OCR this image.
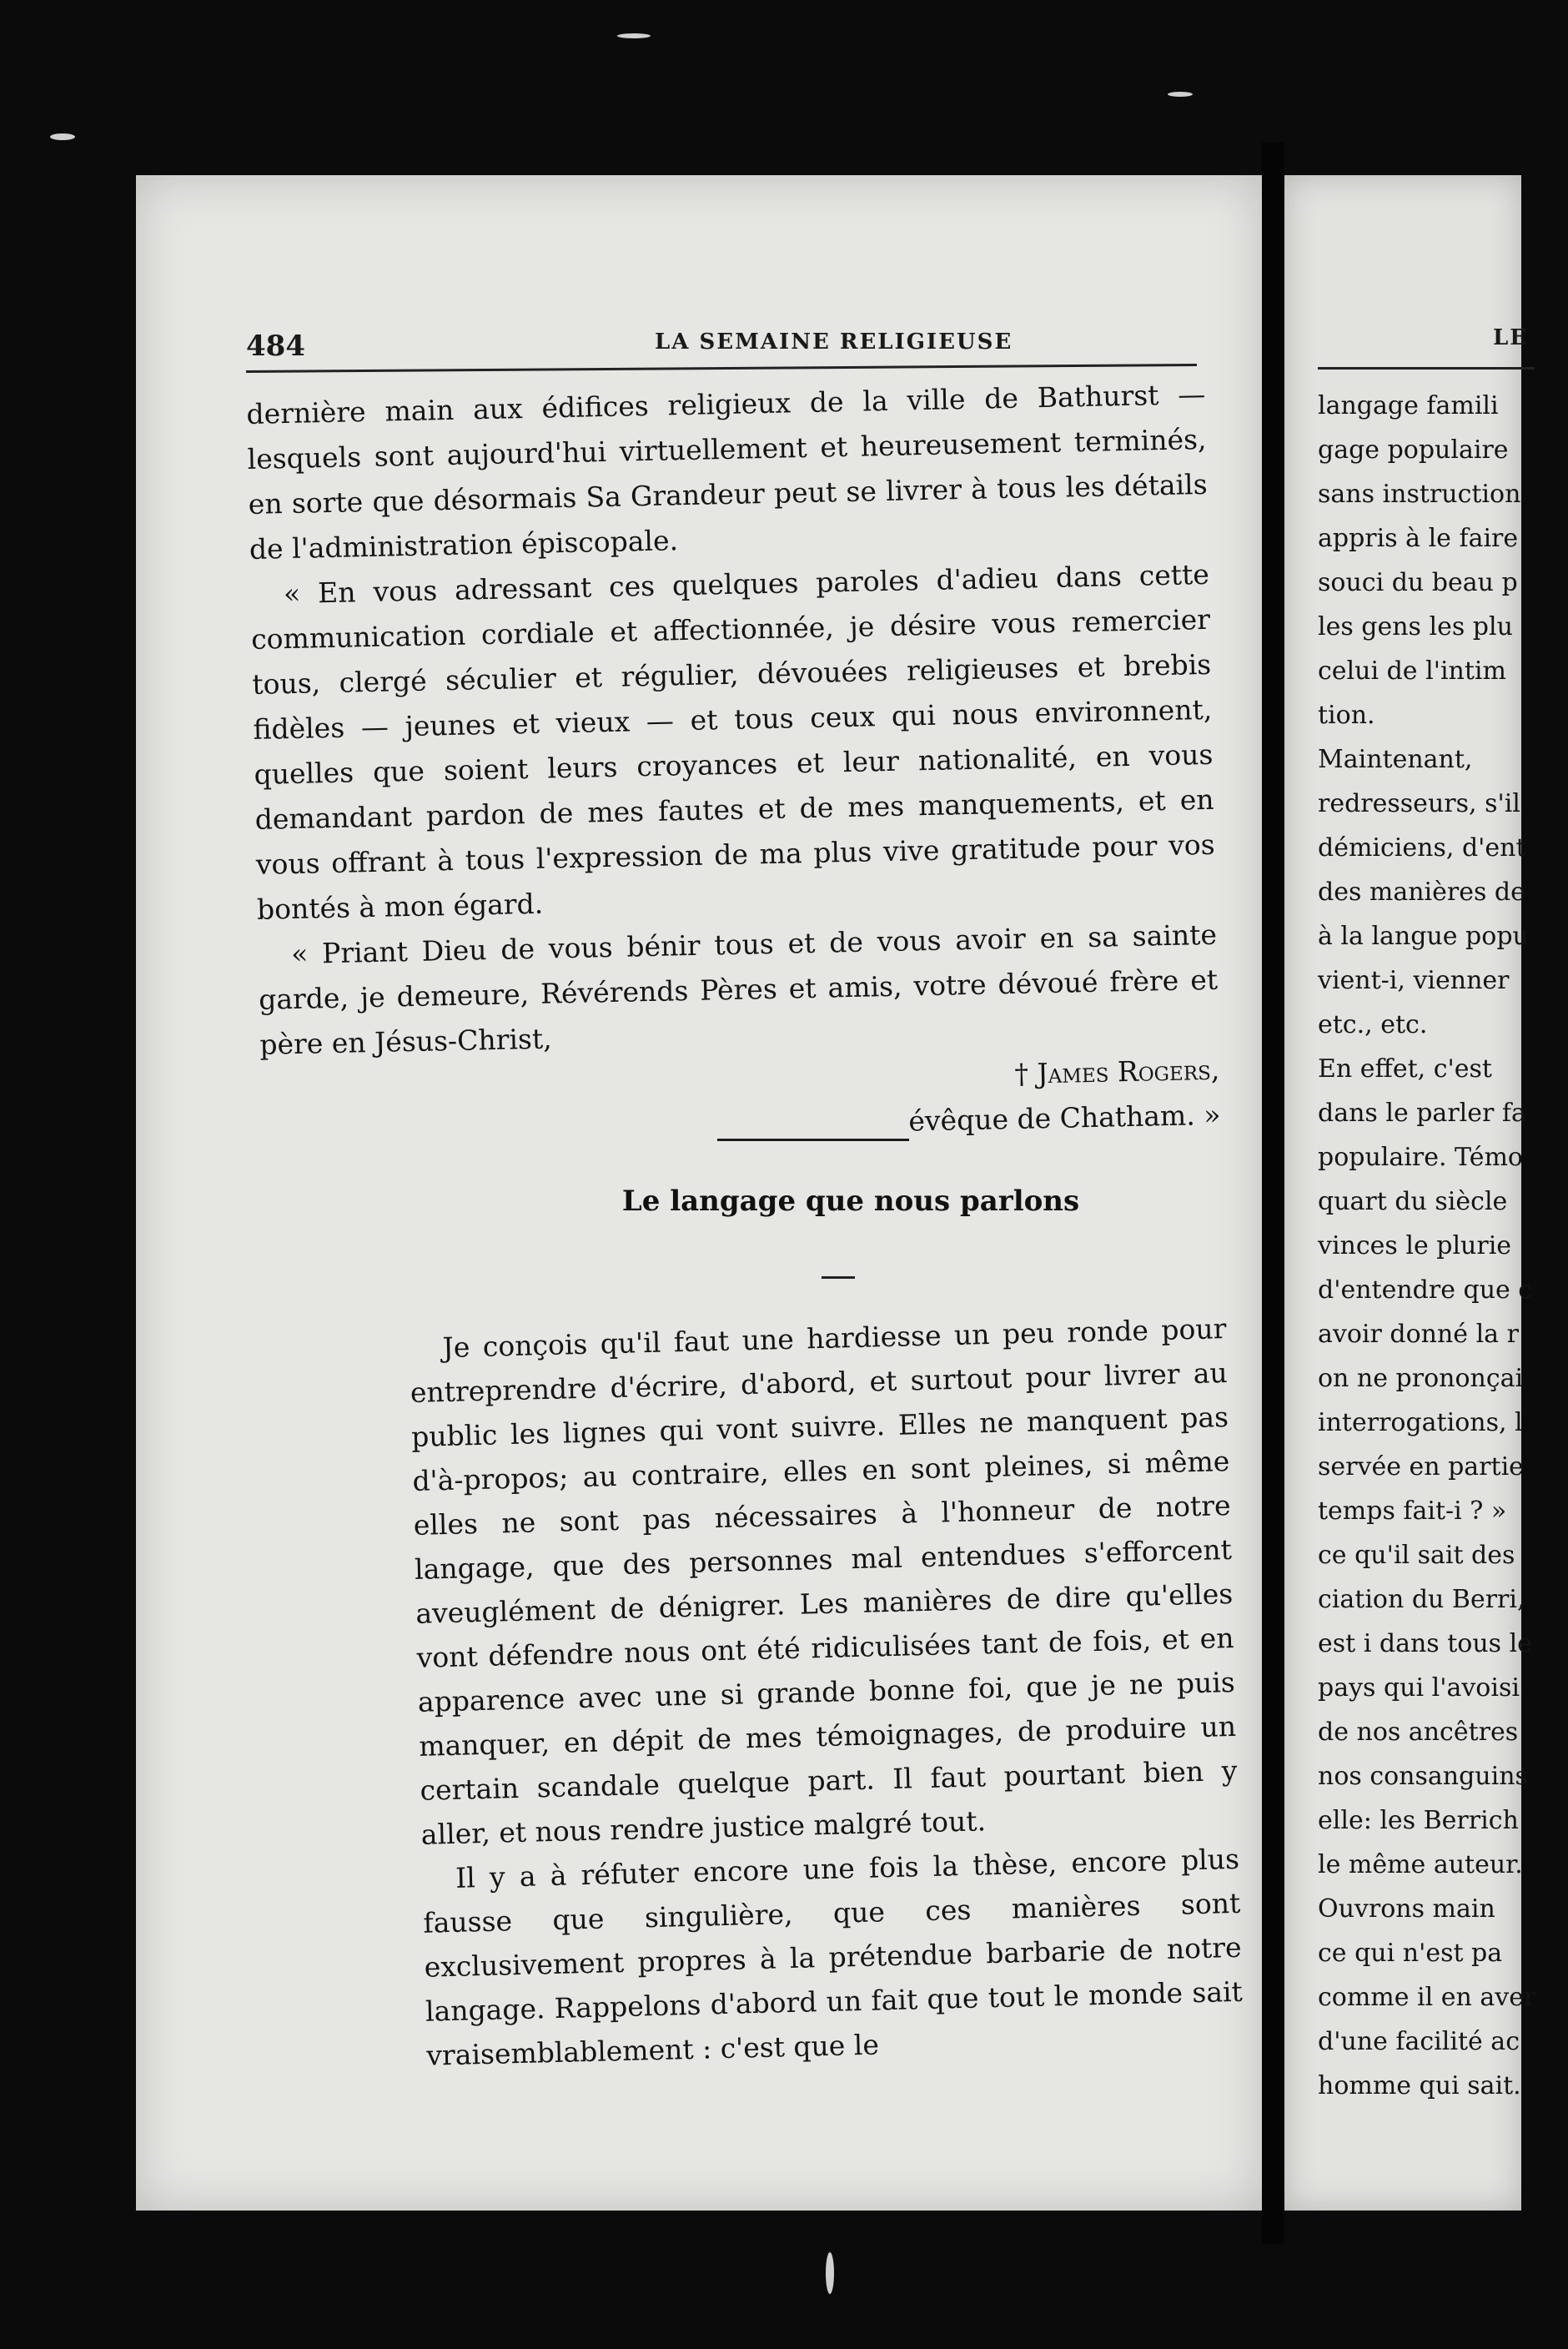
LE
langage famili
gage populaire
sans instruction
appris à le faire
souci du beau p
les gens les plu
celui de l'intim
tion.
Maintenant,
redresseurs, s'il
démiciens, d'ent
des manières de
à la langue popu
vient-i, vienner
etc., etc.
En effet, c'est
dans le parler fa
populaire. Témo
quart du siècle
vinces le plurie
d'entendre que c
avoir donné la r
on ne prononçai
interrogations, l
servée en partie
temps fait-i ? »
ce qu'il sait des
ciation du Berri,
est i dans tous le
pays qui l'avoisi
de nos ancêtres
nos consanguins
elle: les Berrich
le même auteur.
Ouvrons main
ce qui n'est pa
comme il en aver
d'une facilité ac
homme qui sait.
484	LA SEMAINE RELIGIEUSE

dernière main aux édifices religieux de la ville de Bathurst — lesquels sont aujourd'hui virtuellement et heureusement terminés, en sorte que désormais Sa Grandeur peut se livrer à tous les détails de l'administration épiscopale.

« En vous adressant ces quelques paroles d'adieu dans cette communication cordiale et affectionnée, je désire vous remercier tous, clergé séculier et régulier, dévouées religieuses et brebis fidèles — jeunes et vieux — et tous ceux qui nous environnent, quelles que soient leurs croyances et leur nationalité, en vous demandant pardon de mes fautes et de mes manquements, et en vous offrant à tous l'expression de ma plus vive gratitude pour vos bontés à mon égard.

« Priant Dieu de vous bénir tous et de vous avoir en sa sainte garde, je demeure, Révérends Pères et amis, votre dévoué frère et père en Jésus-Christ,

† James Rogers,

évêque de Chatham. »

Le langage que nous parlons

Je conçois qu'il faut une hardiesse un peu ronde pour entreprendre d'écrire, d'abord, et surtout pour livrer au public les lignes qui vont suivre. Elles ne manquent pas d'à-propos; au contraire, elles en sont pleines, si même elles ne sont pas nécessaires à l'honneur de notre langage, que des personnes mal entendues s'efforcent aveuglément de dénigrer. Les manières de dire qu'elles vont défendre nous ont été ridiculisées tant de fois, et en apparence avec une si grande bonne foi, que je ne puis manquer, en dépit de mes témoignages, de produire un certain scandale quelque part. Il faut pourtant bien y aller, et nous rendre justice malgré tout.

Il y a à réfuter encore une fois la thèse, encore plus fausse que singulière, que ces manières sont exclusivement propres à la prétendue barbarie de notre langage. Rappelons d'abord un fait que tout le monde sait vraisemblablement : c'est que le
